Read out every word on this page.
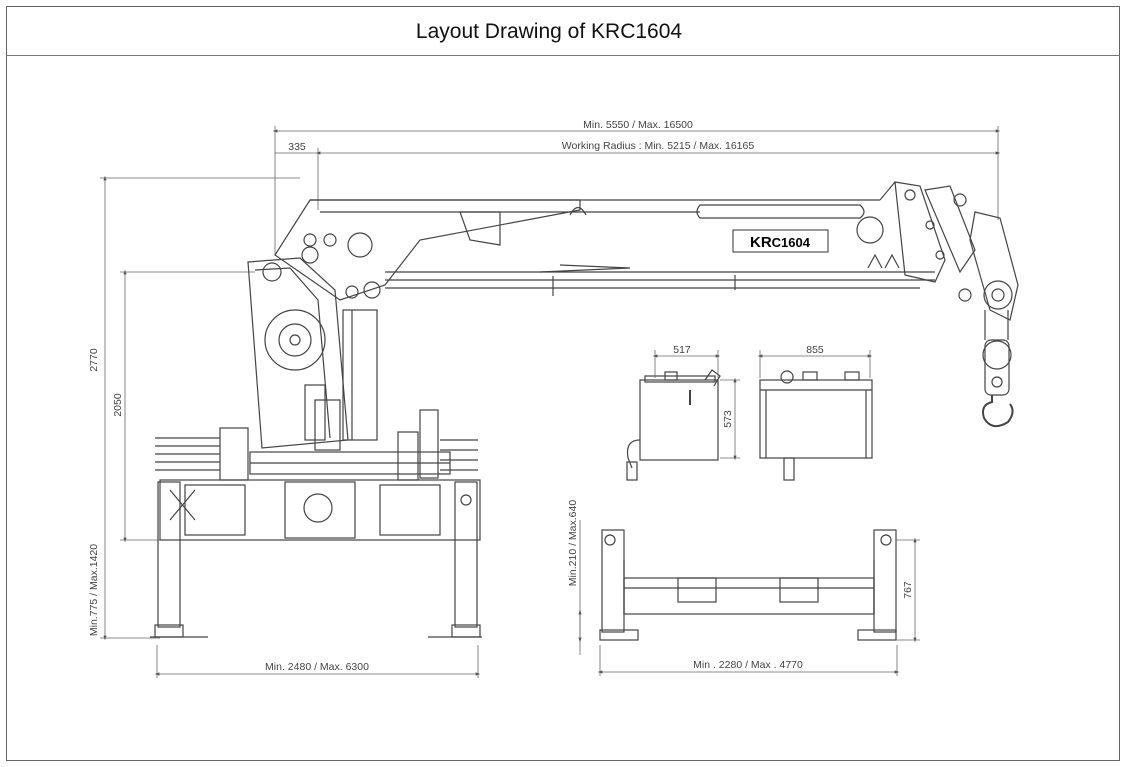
Layout Drawing of KRC1604
Min. 5550 / Max. 16500
Working Radius : Min. 5215 / Max. 16165
335
2770
2050
Min.775 / Max.1420
KRC1604
Min. 2480 / Max. 6300
517
573
855
Min.210 / Max.640
767
Min . 2280 / Max . 4770
